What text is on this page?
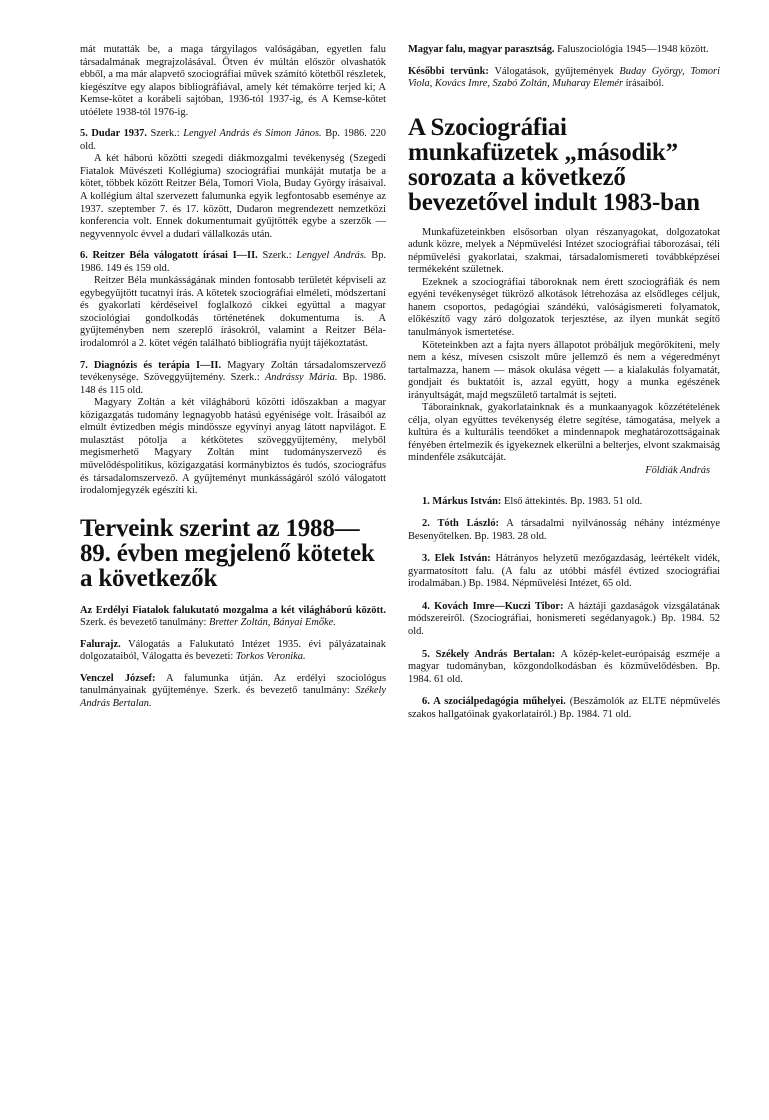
mát mutatták be, a maga tárgyilagos valóságában, egyetlen falu társadalmának megrajzolásával. Ötven év múltán először olvashatók ebből, a ma már alapvető szociográfiai művek számító kötetből részletek, kiegészítve egy alapos bibliográfiával, amely két témakörre terjed ki; A Kemse-kötet a korábeli sajtóban, 1936-tól 1937-ig, és A Kemse-kötet utóélete 1938-tól 1976-ig.

5. Dudar 1937. Szerk.: Lengyel András és Simon János. Bp. 1986. 220 old.

A két háború közötti szegedi diákmozgalmi tevékenység (Szegedi Fiatalok Művészeti Kollégiuma) szociográfiai munkáját mutatja be a kötet, többek között Reitzer Béla, Tomori Viola, Buday György írásaival. A kollégium által szervezett falumunka egyik legfontosabb eseménye az 1937. szeptember 7. és 17. között, Dudaron megrendezett nemzetközi konferencia volt. Ennek dokumentumait gyűjtötték egybe a szerzők — negyvennyolc évvel a dudari vállalkozás után.

6. Reitzer Béla válogatott írásai I—II. Szerk.: Lengyel András. Bp. 1986. 149 és 159 old.

Reitzer Béla munkásságának minden fontosabb területét képviseli az egybegyűjtött tucatnyi írás. A kötetek szociográfiai elméleti, módszertani és gyakorlati kérdéseivel foglalkozó cikkei együttal a magyar szociológiai gondolkodás történetének dokumentuma is. A gyűjteményben nem szereplő írásokról, valamint a Reitzer Béla-irodalomról a 2. kötet végén található bibliográfia nyújt tájékoztatást.

7. Diagnózis és terápia I—II. Magyary Zoltán társadalomszervező tevékenysége. Szöveggyűjtemény. Szerk.: Andrássy Mária. Bp. 1986. 148 és 115 old.

Magyary Zoltán a két világháború közötti időszakban a magyar közigazgatás tudomány legnagyobb hatású egyénisége volt. Írásaiból az elmúlt évtizedben mégis mindössze egyvínyi anyag látott napvilágot. E mulasztást pótolja a kétkötetes szöveggyűjtemény, melyből megismerhető Magyary Zoltán mint tudományszervező és művelődéspolitikus, közigazgatási kormánybiztos és tudós, szociográfus és társadalomszervező. A gyűjteményt munkásságáról szóló válogatott irodalomjegyzék egészíti ki.

Terveink szerint az 1988—89. évben megjelenő kötetek a következők

Az Erdélyi Fiatalok falukutató mozgalma a két világháború között. Szerk. és bevezető tanulmány: Bretter Zoltán, Bányai Emőke.

Falurajz. Válogatás a Falukutató Intézet 1935. évi pályázatainak dolgozataiból, Válogatta és bevezeti: Torkos Veronika.

Venczel József: A falumunka útján. Az erdélyi szociológus tanulmányainak gyűjteménye. Szerk. és bevezető tanulmány: Székely András Bertalan.

Magyar falu, magyar parasztság. Faluszociológia 1945—1948 között.

Későbbi tervünk: Válogatások, gyűjtemények Buday György, Tomori Viola, Kovács Imre, Szabó Zoltán, Muharay Elemér írásaiból.

A Szociográfiai munkafüzetek „második” sorozata a következő bevezetővel indult 1983-ban

Munkafüzeteinkben elsősorban olyan részanyagokat, dolgozatokat adunk közre, melyek a Népművelési Intézet szociográfiai táborozásai, téli népművelési gyakorlatai, szakmai, társadalomismereti továbbképzései termékeként születnek.

Ezeknek a szociográfiai táboroknak nem érett szociográfiák és nem egyéni tevékenységet tükröző alkotások létrehozása az elsődleges céljuk, hanem csoportos, pedagógiai szándékú, valóságismereti folyamatok, előkészítő vagy záró dolgozatok terjesztése, az ilyen munkát segítő tanulmányok ismertetése.

Köteteinkben azt a fajta nyers állapotot próbáljuk megörökíteni, mely nem a kész, mívesen csiszolt műre jellemző és nem a végeredményt tartalmazza, hanem — mások okulása végett — a kialakulás folyamatát, gondjait és buktatóit is, azzal együtt, hogy a munka egészének irányultságát, majd megszülető tartalmát is sejteti.

Táborainknak, gyakorlatainknak és a munkaanyagok közzétételének célja, olyan együttes tevékenység életre segítése, támogatása, melyek a kultúra és a kulturális teendőket a mindennapok meghatározottságainak fényében értelmezik és igyekeznek elkerülni a belterjes, elvont szakmaiság mindenféle zsákutcáját.

Földiák András

1. Márkus István: Első áttekintés. Bp. 1983. 51 old.

2. Tóth László: A társadalmi nyilvánosság néhány intézménye Besenyőtelken. Bp. 1983. 28 old.

3. Elek István: Hátrányos helyzetű mezőgazdaság, leértékelt vidék, gyarmatosított falu. (A falu az utóbbi másfél évtized szociográfiai irodalmában.) Bp. 1984. Népművelési Intézet, 65 old.

4. Kovách Imre—Kuczi Tibor: A háztáji gazdaságok vizsgálatának módszereiről. (Szociográfiai, honismereti segédanyagok.) Bp. 1984. 52 old.

5. Székely András Bertalan: A közép-kelet-európaiság eszméje a magyar tudományban, közgondolkodásban és közművelődésben. Bp. 1984. 61 old.

6. A szociálpedagógia műhelyei. (Beszámolók az ELTE népművelés szakos hallgatóinak gyakorlatairól.) Bp. 1984. 71 old.
